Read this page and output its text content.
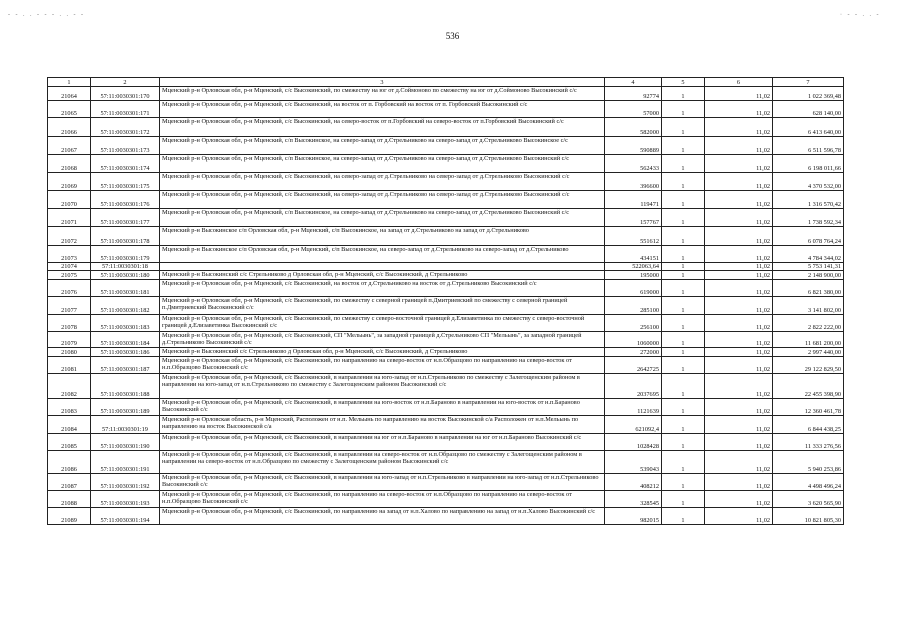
- - . . - - - . . - -	· - - . . -
536
1	2	3	4	5	6	7
21064	57:11:0030301:170	Мценский р-н Орловская обл, р-н Мценский, с/с Высокинский, по смежеству на юг от д.Соймоново по смежеству на юг от д.Соймоново Высокинский с/с	92774	1	11,02	1 022 369,48
21065	57:11:0030301:171	Мценский р-н Орловская обл, р-н Мценский, с/с Высокинский, на восток от п. Горбовский на восток от п. Горбовский Высокинский с/с	57000	1	11,02	628 140,00
21066	57:11:0030301:172	Мценский р-н Орловская обл, р-н Мценский, с/с Высокинский, на северо-восток от п.Горбовский на северо-восток от п.Горбовский Высокинский с/с	582000	1	11,02	6 413 640,00
21067	57:11:0030301:173	Мценский р-н Орловская обл, р-н Мценский, с/п Высокинское, на северо-запад от д.Стрельниково на северо-запад от д.Стрельниково Высокинское с/с	590889	1	11,02	6 511 596,78
21068	57:11:0030301:174	Мценский р-н Орловская обл, р-н Мценский, с/п Высокинское, на северо-запад от д.Стрельниково на северо-запад от д.Стрельниково Высокинский с/с	562433	1	11,02	6 198 011,66
21069	57:11:0030301:175	Мценский р-н Орловская обл, р-н Мценский, с/с Высокинский, на северо-запад от д.Стрельниково на северо-запад от д.Стрельниково Высокинский с/с	396600	1	11,02	4 370 532,00
21070	57:11:0030301:176	Мценский р-н Орловская обл, р-н Мценский, с/с Высокинский, на северо-запад от д.Стрельниково на северо-запад от д.Стрельниково Высокинский с/с	119471	1	11,02	1 316 570,42
21071	57:11:0030301:177	Мценский р-н Орловская обл, р-н Мценский, с/п Высокинское, на северо-запад от д.Стрельниково на северо-запад от д.Стрельниково Высокинский с/с	157767	1	11,02	1 738 592,34
21072	57:11:0030301:178	Мценский р-н Высокинское с/п Орловская обл, р-н Мценский, с/п Высокинское, на запад от д.Стрельниково на запад от д.Стрельниково	551612	1	11,02	6 078 764,24
21073	57:11:0030301:179	Мценский р-н Высокинское с/п Орловская обл, р-н Мценский, с/п Высокинское, на северо-запад от д.Стрельниково на северо-запад от д.Стрельниково	434151	1	11,02	4 784 344,02
21074	57:11:0030301:18		522063,64	1	11,02	5 753 141,31
21075	57:11:0030301:180	Мценский р-н Высокинский с/с Стрельниково д Орловская обл, р-н Мценский, с/с Высокинский, д Стрельниково	195000	1	11,02	2 148 900,00
21076	57:11:0030301:181	Мценский р-н Орловская обл, р-н Мценский, с/с Высокинский, на восток от д.Стрельниково на восток от д.Стрельниково Высокинский с/с	619000	1	11,02	6 821 380,00
21077	57:11:0030301:182	Мценский р-н Орловская обл, р-н Мценский, с/с Высокинский, по смежеству с северной границей п.Дмитриевский по смежеству с северной границей п.Дмитриевский Высокинский с/с	285100	1	11,02	3 141 802,00
21078	57:11:0030301:183	Мценский р-н Орловская обл, р-н Мценский, с/с Высокинский, по смежеству с северо-восточной границей д.Елизаветинка по смежеству с северо-восточной границей д.Елизаветинка Высокинский с/с	256100	1	11,02	2 822 222,00
21079	57:11:0030301:184	Мценский р-н Орловская обл, р-н Мценский, с/с Высокинский, СП "Мельынь", за западной границей д.Стрельниково СП "Мельынь", за западной границей д.Стрельниково Высокинский с/с	1060000	1	11,02	11 681 200,00
21080	57:11:0030301:186	Мценский р-н Высокинский с/с Стрельниково д Орловская обл, р-н Мценский, с/с Высокинский, д Стрельниково	272000	1	11,02	2 997 440,00
21081	57:11:0030301:187	Мценский р-н Орловская обл, р-н Мценский, с/с Высокинский, по направлению на северо-восток от н.п.Образцово по направлению на северо-восток от н.п.Образцово Высокинский с/с	2642725	1	11,02	29 122 829,50
21082	57:11:0030301:188	Мценский р-н Орловская обл, р-н Мценский, с/с Высокинский, в направлении на юго-запад от н.п.Стрельниково по смежеству с Залегощенским районом в направлении на юго-запад от н.п.Стрельниково по смежеству с Залегощенским районом Высокинский с/с	2037695	1	11,02	22 455 398,90
21083	57:11:0030301:189	Мценский р-н Орловская обл, р-н Мценский, с/с Высокинский, в направлении на юго-восток от н.п.Бараново в направлении на юго-восток от н.п.Бараново Высокинский с/с	1121639	1	11,02	12 360 461,78
21084	57:11:0030301:19	Мценский р-н Орловская область, р-н Мценский, Расположен от н.п. Мельынь по направлению на восток Высокинской с/а Расположен от н.п.Мельынь по направлению на восток Высокинской с/а	621092,4	1	11,02	6 844 438,25
21085	57:11:0030301:190	Мценский р-н Орловская обл, р-н Мценский, с/с Высокинский, в направлении на юг от н.п.Бараново в направлении на юг от н.п.Бараново Высокинский с/с	1028428	1	11,02	11 333 276,56
21086	57:11:0030301:191	Мценский р-н Орловская обл, р-н Мценский, с/с Высокинский, в направлении на северо-восток от н.п.Образцово по смежеству с Залегощенским районом в направлении на северо-восток от н.п.Образцово по смежеству с Залегощенским районом Высокинский с/с	539043	1	11,02	5 940 253,86
21087	57:11:0030301:192	Мценский р-н Орловская обл, р-н Мценский, с/с Высокинский, в направлении на юго-запад от н.п.Стрельниково в направлении на юго-запад от н.п.Стрельниково Высокинский с/с	408212	1	11,02	4 498 496,24
21088	57:11:0030301:193	Мценский р-н Орловская обл, р-н Мценский, с/с Высокинский, по направлению на северо-восток от н.п.Образцово по направлению на северо-восток от н.п.Образцово Высокинский с/с	328545	1	11,02	3 620 565,90
21089	57:11:0030301:194	Мценский р-н Орловская обл, р-н Мценский, с/с Высокинский, по направлению на запад от н.п.Халово по направлению на запад от н.п.Халово Высокинский с/с	982015	1	11,02	10 821 805,30
